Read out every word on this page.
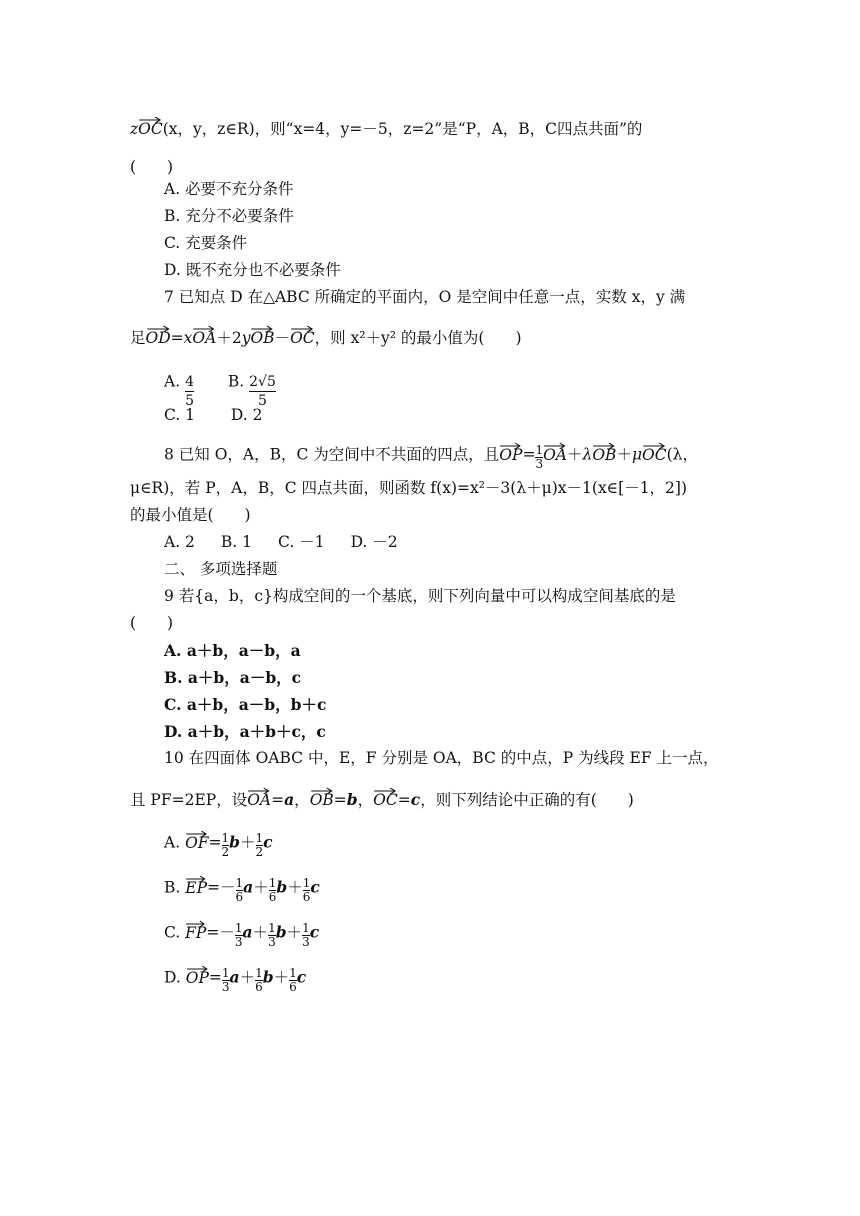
z
OC(x，y，z∈R)，则“x=4，y=－5，z=2”是“P，A，B，C四点共面”的
(　　)
A. 必要不充分条件
B. 充分不必要条件
C. 充要条件
D. 既不充分也不必要条件
7 已知点 D 在△ABC 所确定的平面内，O 是空间中任意一点，实数 x，y 满
足
OD=x
OA＋2y
OB－
OC，则 x²＋y² 的最小值为(　　)
A. $\frac{4}{5} B$. $\frac{2√5}{5}$
C. 1 D. 2
8 已知 O，A，B，C 为空间中不共面的四点，且
$OP= \frac{1}{3} OA+\lambda$
OB＋μ
OC(λ，
μ∈R)，若 P，A，B，C 四点共面，则函数 f(x)=x²－3(λ＋μ)x－1(x∈[－1，2])
的最小值是(　　)
A. 2 B. 1 C. －1 D. －2
二、 多项选择题
9 若{a，b，c}构成空间的一个基底，则下列向量中可以构成空间基底的是
(　　)
A. a＋b，a－b，a
B. a＋b，a－b，c
C. a＋b，a－b，b＋c
D. a＋b，a＋b＋c，c
10 在四面体 OABC 中，E，F 分别是 OA，BC 的中点，P 为线段 EF 上一点，
且 PF=2EP，设
OA=a，
OB=b，
OC=c，则下列结论中正确的有(　　)
A. $OF= \frac{1}{2} b+ \frac{1}{2}$ c
B. $EP=- \frac{1}{6} a+ \frac{1}{6} b+ \frac{1}{6}$ c
C. $FP=- \frac{1}{3} a+ \frac{1}{3} b+ \frac{1}{3}$ c
D. $OP= \frac{1}{3} a+ \frac{1}{6} b+ \frac{1}{6}$ c
